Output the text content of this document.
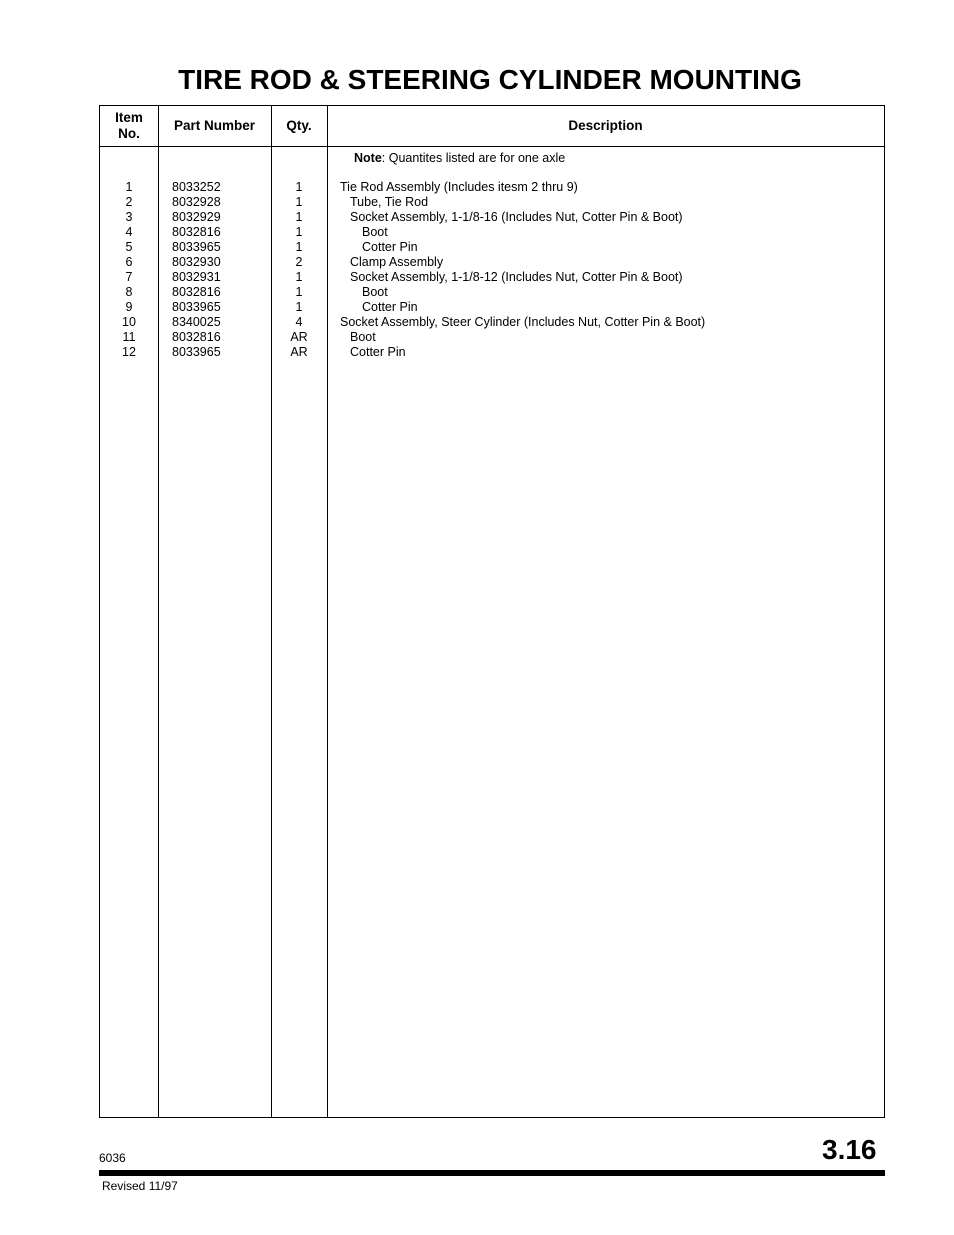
TIRE ROD & STEERING CYLINDER MOUNTING
Item
No.
Part Number	Qty.	Description
Note: Quantites listed are for one axle
1	8033252	1	Tie Rod Assembly (Includes itesm 2 thru 9)
2	8032928	1	Tube, Tie Rod
3	8032929	1	Socket Assembly, 1-1/8-16 (Includes Nut, Cotter Pin & Boot)
4	8032816	1	Boot
5	8033965	1	Cotter Pin
6	8032930	2	Clamp Assembly
7	8032931	1	Socket Assembly, 1-1/8-12 (Includes Nut, Cotter Pin & Boot)
8	8032816	1	Boot
9	8033965	1	Cotter Pin
10	8340025	4	Socket Assembly, Steer Cylinder (Includes Nut, Cotter Pin & Boot)
11	8032816	AR	Boot
12	8033965	AR	Cotter Pin
6036	3.16
Revised 11/97
